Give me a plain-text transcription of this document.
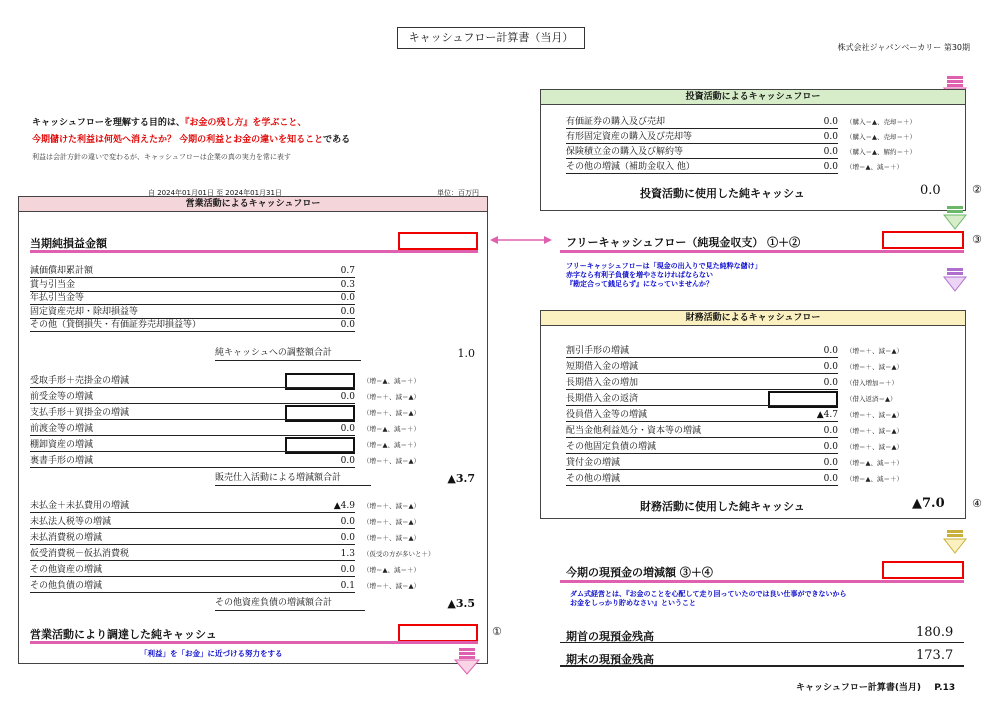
キャッシュフロー計算書（当月）
株式会社ジャパンベーカリー 第30期
キャッシュフローを理解する目的は、『お金の残し方』を学ぶこと、
今期儲けた利益は何処へ消えたか？ 今期の利益とお金の違いを知ることである
利益は会計方針の違いで変わるが、キャッシュフローは企業の真の実力を常に表す
自 2024年01月01日 至 2024年01月31日	単位：百万円
営業活動によるキャッシュフロー
当期純損益金額
減価償却累計額	0.7
賞与引当金	0.3
年払引当金等	0.0
固定資産売却・除却損益等	0.0
その他（貸倒損失・有価証券売却損益等）	0.0
純キャッシュへの調整額合計	1.0
受取手形＋売掛金の増減	（増＝▲、減＝＋）
前受金等の増減	0.0 （増＝＋、減＝▲）
支払手形＋買掛金の増減	（増＝＋、減＝▲）
前渡金等の増減	0.0 （増＝▲、減＝＋）
棚卸資産の増減	（増＝▲、減＝＋）
裏書手形の増減	0.0 （増＝＋、減＝▲）
販売仕入活動による増減額合計	▲3.7
未払金＋未払費用の増減	▲4.9 （増＝＋、減＝▲）
未払法人税等の増減	0.0 （増＝＋、減＝▲）
未払消費税の増減	0.0 （増＝＋、減＝▲）
仮受消費税－仮払消費税	1.3 （仮受の方が多いと＋）
その他資産の増減	0.0 （増＝▲、減＝＋）
その他負債の増減	0.1 （増＝＋、減＝▲）
その他資産負債の増減額合計	▲3.5
営業活動により調達した純キャッシュ	①
「利益」を「お金」に近づける努力をする
投資活動によるキャッシュフロー
有価証券の購入及び売却	0.0 （購入＝▲、売却＝＋）
有形固定資産の購入及び売却等	0.0 （購入＝▲、売却＝＋）
保険積立金の購入及び解約等	0.0 （購入＝▲、解約＝＋）
その他の増減（補助金収入 他）	0.0 （増＝▲、減＝＋）
投資活動に使用した純キャッシュ	0.0	②
フリーキャッシュフロー（純現金収支） ①＋②	③
フリーキャッシュフローは「現金の出入りで見た純粋な儲け」
赤字なら有利子負債を増やさなければならない
『勘定合って銭足らず』になっていませんか？
財務活動によるキャッシュフロー
割引手形の増減	0.0 （増＝＋、減＝▲）
短期借入金の増減	0.0 （増＝＋、減＝▲）
長期借入金の増加	0.0 （借入増加＝＋）
長期借入金の返済	（借入返済＝▲）
役員借入金等の増減	▲4.7 （増＝＋、減＝▲）
配当金他利益処分・資本等の増減	0.0 （増＝＋、減＝▲）
その他固定負債の増減	0.0 （増＝＋、減＝▲）
貸付金の増減	0.0 （増＝▲、減＝＋）
その他の増減	0.0 （増＝▲、減＝＋）
財務活動に使用した純キャッシュ	▲7.0 ④
今期の現預金の増減額 ③＋④
ダム式経営とは、『お金のことを心配して走り回っていたのでは良い仕事ができないから
お金をしっかり貯めなさい』ということ
期首の現預金残高	180.9
期末の現預金残高	173.7
キャッシュフロー計算書(当月) P.13
